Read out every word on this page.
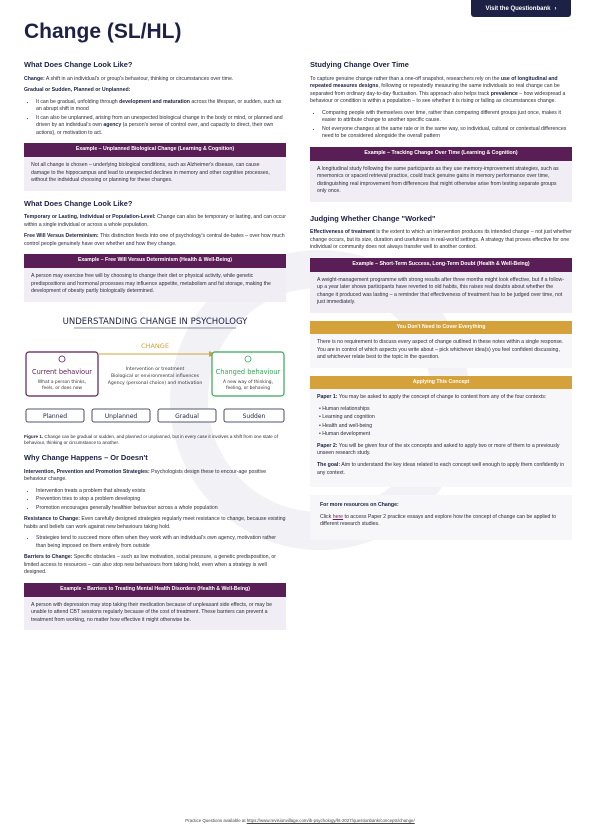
Visit the Questionbank ›
Change (SL/HL)
What Does Change Look Like?

Change: A shift in an individual's or group's behaviour, thinking or circumstances over time.

Gradual or Sudden, Planned or Unplanned:

• It can be gradual, unfolding through development and maturation across the lifespan, or sudden, such as an abrupt shift in mood
• It can also be unplanned, arising from an unexpected biological change in the body or mind, or planned and driven by an individual's own agency (a person's sense of control over, and capacity to direct, their own actions), or motivation to act.
Example – Unplanned Biological Change (Learning & Cognition)
Not all change is chosen – underlying biological conditions, such as Alzheimer's disease, can cause damage to the hippocampus and lead to unexpected declines in memory and other cognitive processes, without the individual choosing or planning for these changes.
What Does Change Look Like?

Temporary or Lasting, Individual or Population-Level: Change can also be temporary or lasting, and can occur within a single individual or across a whole population.

Free Will Versus Determinism: This distinction feeds into one of psychology's central de-bates – over how much control people genuinely have over whether and how they change.

Example – Free Will Versus Determinism (Health & Well-Being)
A person may exercise free will by choosing to change their diet or physical activity, while genetic predispositions and hormonal processes may influence appetite, metabolism and fat storage, making the development of obesity partly biologically determined.
UNDERSTANDING CHANGE IN PSYCHOLOGY
CHANGE
Current behaviour
What a person thinks,
feels, or does now
Intervention or treatment
Biological or environmental influences
Agency (personal choice) and motivation
Changed behaviour
A new way of thinking,
feeling, or behaving
Planned	Unplanned	Gradual	Sudden

Figure 1. Change can be gradual or sudden, and planned or unplanned, but in every case it involves a shift from one state of behaviour, thinking or circumstance to another.

Why Change Happens – Or Doesn't

Intervention, Prevention and Promotion Strategies: Psychologists design these to encour-age positive behaviour change.

• Intervention treats a problem that already exists
• Prevention tries to stop a problem developing
• Promotion encourages generally healthier behaviour across a whole population

Resistance to Change: Even carefully designed strategies regularly meet resistance to change, because existing habits and beliefs can work against new behaviours taking hold.

• Strategies tend to succeed more often when they work with an individual's own agency, motivation rather than being imposed on them entirely from outside

Barriers to Change: Specific obstacles – such as low motivation, social pressure, a genetic predisposition, or limited access to resources – can also stop new behaviours from taking hold, even when a strategy is well designed.

Example – Barriers to Treating Mental Health Disorders (Health & Well-Being)
A person with depression may stop taking their medication because of unpleasant side effects, or may be unable to attend CBT sessions regularly because of the cost of treatment. These barriers can prevent a treatment from working, no matter how effective it might otherwise be.
Studying Change Over Time

To capture genuine change rather than a one-off snapshot, researchers rely on the use of longitudinal and repeated measures designs, following or repeatedly measuring the same individuals so real change can be separated from ordinary day-to-day fluctuation. This approach also helps track prevalence – how widespread a behaviour or condition is within a population – to see whether it is rising or falling as circumstances change.

• Comparing people with themselves over time, rather than comparing different groups just once, makes it easier to attribute change to another specific cause.
• Not everyone changes at the same rate or in the same way, so individual, cultural or contextual differences need to be considered alongside the overall pattern
Example – Tracking Change Over Time (Learning & Cognition)
A longitudinal study following the same participants as they use memory-improvement strategies, such as mnemonics or spaced retrieval practice, could track genuine gains in memory performance over time, distinguishing real improvement from differences that might otherwise arise from testing separate groups only once.
Judging Whether Change "Worked"

Effectiveness of treatment is the extent to which an intervention produces its intended change – not just whether change occurs, but its size, duration and usefulness in real-world settings. A strategy that proves effective for one individual or community does not always transfer well to another context.

Example – Short-Term Success, Long-Term Doubt (Health & Well-Being)
A weight-management programme with strong results after three months might look effective, but if a follow-up a year later shows participants have reverted to old habits, this raises real doubts about whether the change it produced was lasting – a reminder that effectiveness of treatment has to be judged over time, not just immediately.
You Don't Need to Cover Everything
There is no requirement to discuss every aspect of change outlined in these notes within a single response. You are in control of which aspects you write about – pick whichever idea(s) you feel confident discussing, and whichever relate best to the topic in the question.
Applying This Concept

Paper 1: You may be asked to apply the concept of change to content from any of the four contexts:

• Human relationships
• Learning and cognition
• Health and well-being
• Human development

Paper 2: You will be given four of the six concepts and asked to apply two or more of them to a previously unseen research study.

The goal: Aim to understand the key ideas related to each concept well enough to apply them confidently in any context.

For more resources on Change:

Click here to access Paper 2 practice essays and explore how the concept of change can be applied to different research studies.

Practice Questions available at https://www.revisionvillage.com/ib-psychology/ht-2027/questionbank/concepts/change/
